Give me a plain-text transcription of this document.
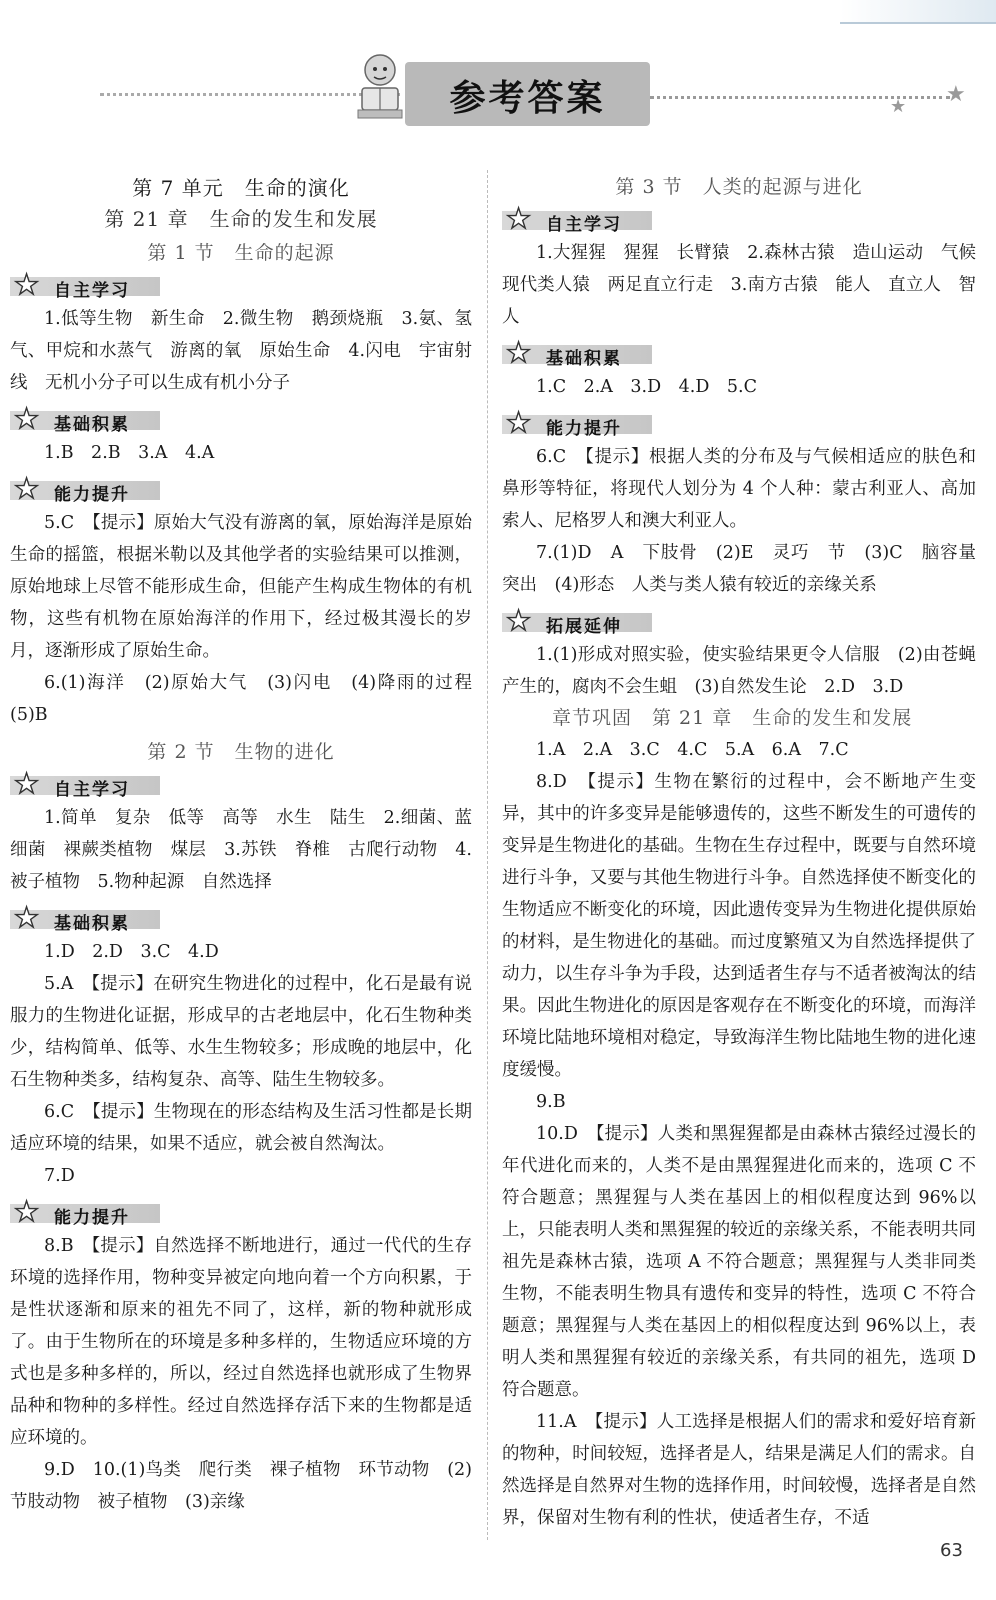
参考答案	★
★
第 7 单元　生命的演化
第 21 章　生命的发生和发展
第 1 节　生命的起源
★ 自主学习

1.低等生物　新生命　2.微生物　鹅颈烧瓶　3.氨、氢气、甲烷和水蒸气　游离的氧　原始生命　4.闪电　宇宙射线　无机小分子可以生成有机小分子

★ 基础积累

1.B　2.B　3.A　4.A

★ 能力提升

5.C　【提示】原始大气没有游离的氧，原始海洋是原始生命的摇篮，根据米勒以及其他学者的实验结果可以推测，原始地球上尽管不能形成生命，但能产生构成生物体的有机物，这些有机物在原始海洋的作用下，经过极其漫长的岁月，逐渐形成了原始生命。

6.(1)海洋　(2)原始大气　(3)闪电　(4)降雨的过程　(5)B

第 2 节　生物的进化
★ 自主学习

1.简单　复杂　低等　高等　水生　陆生　2.细菌、蓝细菌　裸蕨类植物　煤层　3.苏铁　脊椎　古爬行动物　4.被子植物　5.物种起源　自然选择

★ 基础积累

1.D　2.D　3.C　4.D

5.A　【提示】在研究生物进化的过程中，化石是最有说服力的生物进化证据，形成早的古老地层中，化石生物种类少，结构简单、低等、水生生物较多；形成晚的地层中，化石生物种类多，结构复杂、高等、陆生生物较多。

6.C　【提示】生物现在的形态结构及生活习性都是长期适应环境的结果，如果不适应，就会被自然淘汰。

7.D

★ 能力提升

8.B　【提示】自然选择不断地进行，通过一代代的生存环境的选择作用，物种变异被定向地向着一个方向积累，于是性状逐渐和原来的祖先不同了，这样，新的物种就形成了。由于生物所在的环境是多种多样的，生物适应环境的方式也是多种多样的，所以，经过自然选择也就形成了生物界品种和物种的多样性。经过自然选择存活下来的生物都是适应环境的。

9.D　10.(1)鸟类　爬行类　裸子植物　环节动物　(2)节肢动物　被子植物　(3)亲缘

第 3 节　人类的起源与进化
★ 自主学习

1.大猩猩　猩猩　长臂猿　2.森林古猿　造山运动　气候　现代类人猿　两足直立行走　3.南方古猿　能人　直立人　智人

★ 基础积累

1.C　2.A　3.D　4.D　5.C

★ 能力提升

6.C　【提示】根据人类的分布及与气候相适应的肤色和鼻形等特征，将现代人划分为 4 个人种：蒙古利亚人、高加索人、尼格罗人和澳大利亚人。

7.(1)D　A　下肢骨　(2)E　灵巧　节　(3)C　脑容量　突出　(4)形态　人类与类人猿有较近的亲缘关系

★ 拓展延伸

1.(1)形成对照实验，使实验结果更令人信服　(2)由苍蝇产生的，腐肉不会生蛆　(3)自然发生论　2.D　3.D

章节巩固　第 21 章　生命的发生和发展

1.A　2.A　3.C　4.C　5.A　6.A　7.C

8.D　【提示】生物在繁衍的过程中，会不断地产生变异，其中的许多变异是能够遗传的，这些不断发生的可遗传的变异是生物进化的基础。生物在生存过程中，既要与自然环境进行斗争，又要与其他生物进行斗争。自然选择使不断变化的生物适应不断变化的环境，因此遗传变异为生物进化提供原始的材料，是生物进化的基础。而过度繁殖又为自然选择提供了动力，以生存斗争为手段，达到适者生存与不适者被淘汰的结果。因此生物进化的原因是客观存在不断变化的环境，而海洋环境比陆地环境相对稳定，导致海洋生物比陆地生物的进化速度缓慢。

9.B

10.D　【提示】人类和黑猩猩都是由森林古猿经过漫长的年代进化而来的，人类不是由黑猩猩进化而来的，选项 C 不符合题意；黑猩猩与人类在基因上的相似程度达到 96%以上，只能表明人类和黑猩猩的较近的亲缘关系，不能表明共同祖先是森林古猿，选项 A 不符合题意；黑猩猩与人类非同类生物，不能表明生物具有遗传和变异的特性，选项 C 不符合题意；黑猩猩与人类在基因上的相似程度达到 96%以上，表明人类和黑猩猩有较近的亲缘关系，有共同的祖先，选项 D 符合题意。

11.A　【提示】人工选择是根据人们的需求和爱好培育新的物种，时间较短，选择者是人，结果是满足人们的需求。自然选择是自然界对生物的选择作用，时间较慢，选择者是自然界，保留对生物有利的性状，使适者生存，不适

63
